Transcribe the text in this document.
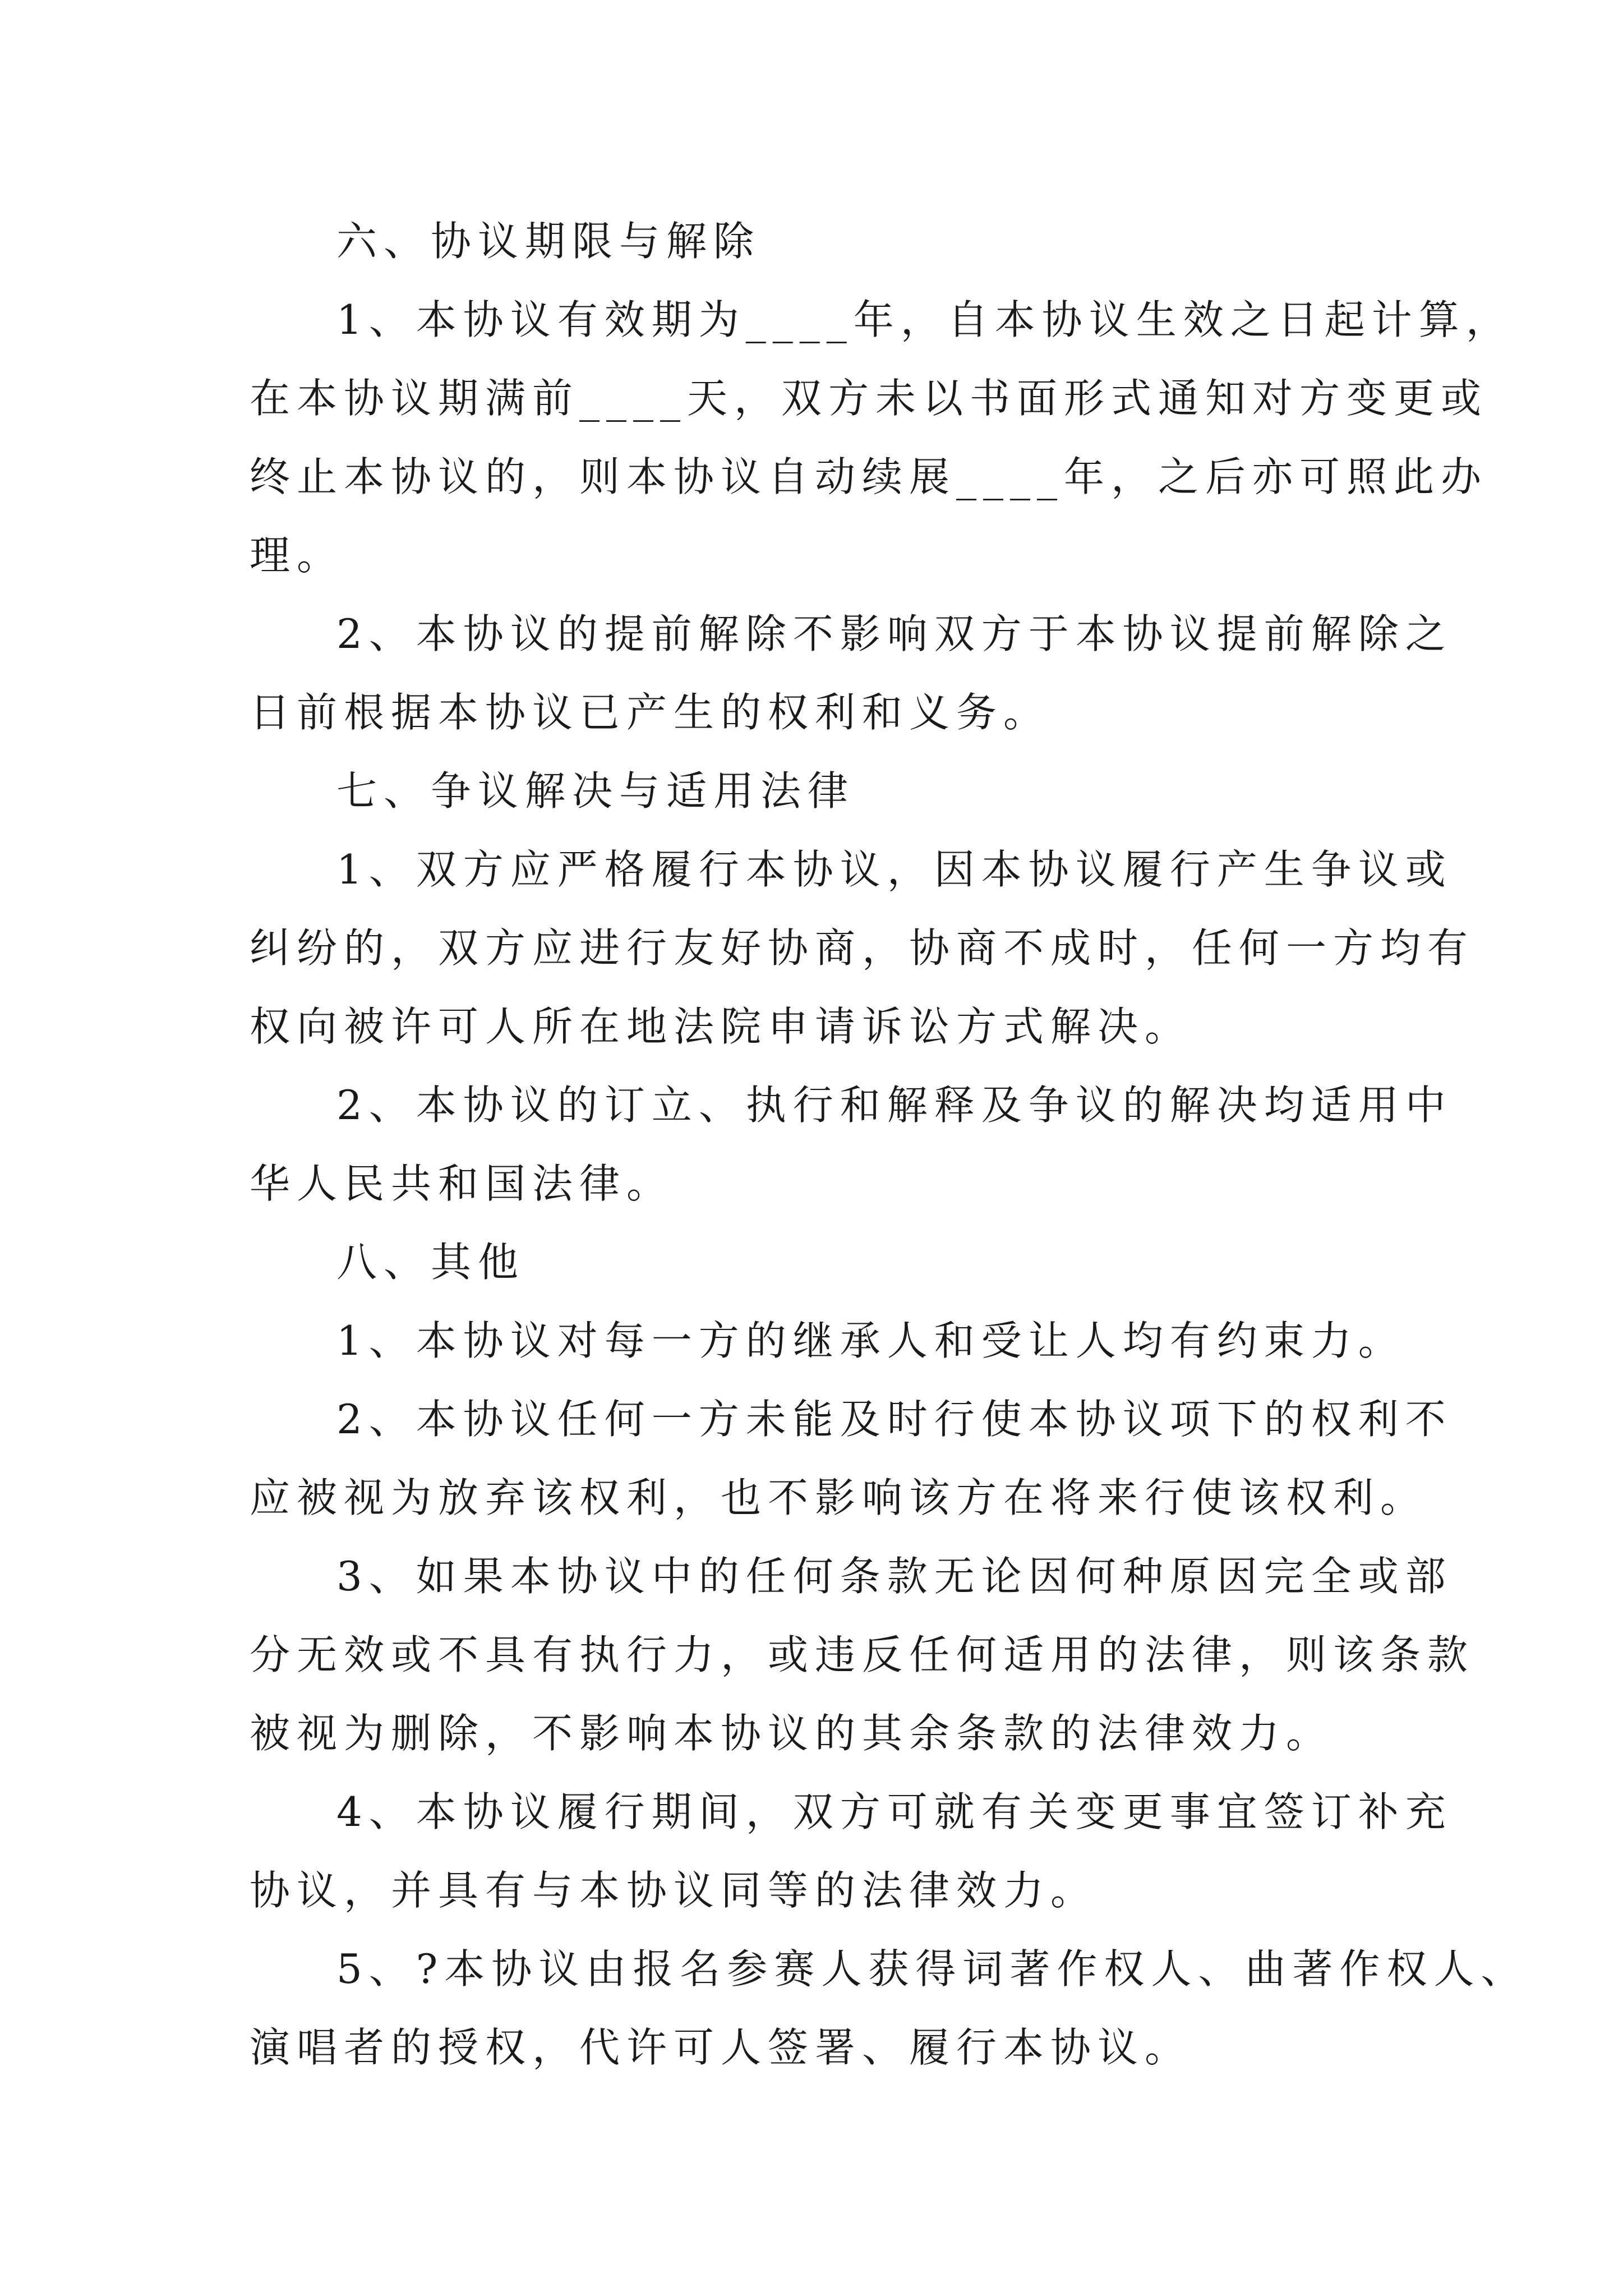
六、协议期限与解除
1、本协议有效期为____年，自本协议生效之日起计算，
在本协议期满前____天，双方未以书面形式通知对方变更或
终止本协议的，则本协议自动续展____年，之后亦可照此办
理。
2、本协议的提前解除不影响双方于本协议提前解除之
日前根据本协议已产生的权利和义务。
七、争议解决与适用法律
1、双方应严格履行本协议，因本协议履行产生争议或
纠纷的，双方应进行友好协商，协商不成时，任何一方均有
权向被许可人所在地法院申请诉讼方式解决。
2、本协议的订立、执行和解释及争议的解决均适用中
华人民共和国法律。
八、其他
1、本协议对每一方的继承人和受让人均有约束力。
2、本协议任何一方未能及时行使本协议项下的权利不
应被视为放弃该权利，也不影响该方在将来行使该权利。
3、如果本协议中的任何条款无论因何种原因完全或部
分无效或不具有执行力，或违反任何适用的法律，则该条款
被视为删除，不影响本协议的其余条款的法律效力。
4、本协议履行期间，双方可就有关变更事宜签订补充
协议，并具有与本协议同等的法律效力。
5、?本协议由报名参赛人获得词著作权人、曲著作权人、
演唱者的授权，代许可人签署、履行本协议。
